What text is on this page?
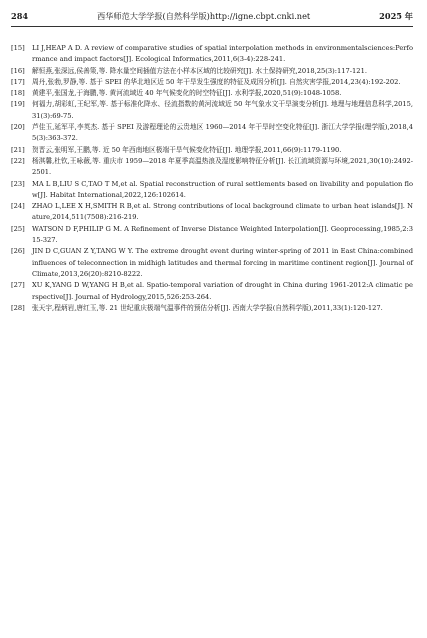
284	西华师范大学学报(自然科学版)http://igne.cbpt.cnki.net	2025 年

[15] LI J,HEAP A D. A review of comparative studies of spatial interpolation methods in environmentalsciences:Performance and impact factors[J]. Ecological Informatics,2011,6(3-4):228-241.

[16] 解恒燕,张深远,侯善策,等. 降水量空间插值方法在小样本区域的比较研究[J]. 水土保持研究,2018,25(3):117-121.

[17] 周丹,张勃,罗静,等. 基于 SPEI 的华北地区近 50 年干旱发生强度的特征及成因分析[J]. 自然灾害学报,2014,23(4):192-202.

[18] 黄建平,张国龙,于海鹏,等. 黄河流域近 40 年气候变化的时空特征[J]. 水利学报,2020,51(9):1048-1058.

[19] 何福力,胡彩虹,王纪军,等. 基于标准化降水、径流指数的黄河流域近 50 年气象水文干旱演变分析[J]. 地理与地理信息科学,2015,31(3):69-75.

[20] 芦佳玉,延军平,李英杰. 基于 SPEI 及游程理论的云贵地区 1960—2014 年干旱时空变化特征[J]. 浙江大学学报(理学版),2018,45(3):363-372.

[21] 贺晋云,张明军,王鹏,等. 近 50 年西南地区极端干旱气候变化特征[J]. 地理学报,2011,66(9):1179-1190.

[22] 杨淇馨,杜钦,王咏薇,等. 重庆市 1959—2018 年夏季高温热浪及湿度影响特征分析[J]. 长江流域资源与环境,2021,30(10):2492-2501.

[23] MA L B,LIU S C,TAO T M,et al. Spatial reconstruction of rural settlements based on livability and population flow[J]. Habitat International,2022,126:102614.

[24] ZHAO L,LEE X H,SMITH R B,et al. Strong contributions of local background climate to urban heat islands[J]. Nature,2014,511(7508):216-219.

[25] WATSON D F,PHILIP G M. A Refinement of Inverse Distance Weighted Interpolation[J]. Geoprocessing,1985,2:315-327.

[26] JIN D C,GUAN Z Y,TANG W Y. The extreme drought event during winter-spring of 2011 in East China:combined influences of teleconnection in midhigh latitudes and thermal forcing in maritime continent region[J]. Journal of Climate,2013,26(20):8210-8222.

[27] XU K,YANG D W,YANG H B,et al. Spatio-temporal variation of drought in China during 1961-2012:A climatic perspective[J]. Journal of Hydrology,2015,526:253-264.

[28] 张天宇,程炳岩,唐红玉,等. 21 世纪重庆极端气温事件的预估分析[J]. 西南大学学报(自然科学版),2011,33(1):120-127.
